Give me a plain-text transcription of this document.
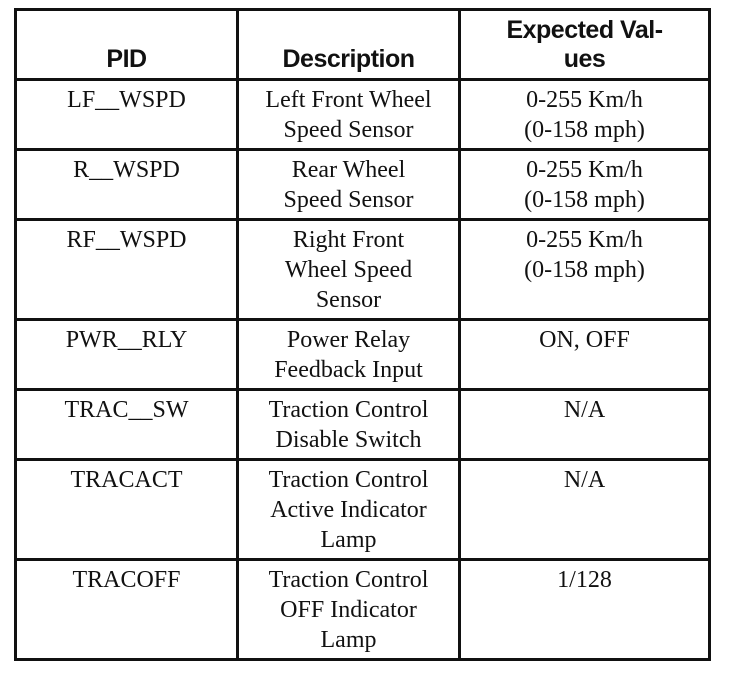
PID	Description	Expected Val-
ues

LF__WSPD	Left Front Wheel
Speed Sensor	0-255 Km/h
(0-158 mph)

R__WSPD	Rear Wheel
Speed Sensor	0-255 Km/h
(0-158 mph)

RF__WSPD	Right Front
Wheel Speed
Sensor	0-255 Km/h
(0-158 mph)

PWR__RLY	Power Relay
Feedback Input	ON, OFF

TRAC__SW	Traction Control
Disable Switch	N/A

TRACACT	Traction Control
Active Indicator
Lamp	N/A

TRACOFF	Traction Control
OFF Indicator
Lamp	1/128
